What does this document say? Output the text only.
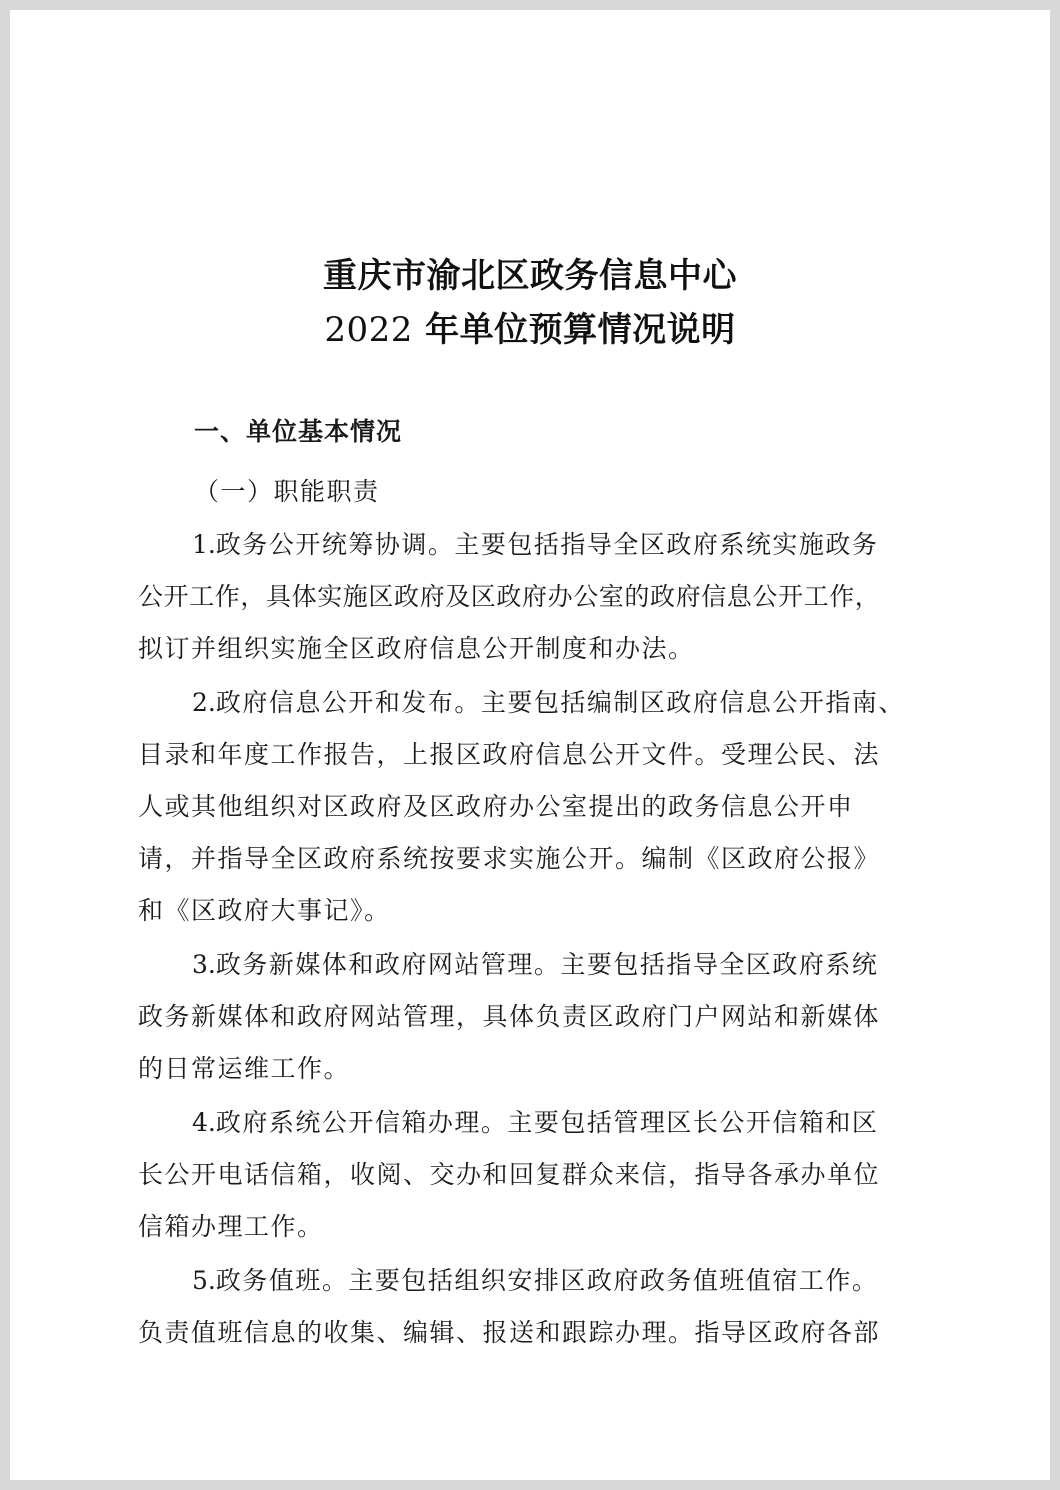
重庆市渝北区政务信息中心
2022 年单位预算情况说明
一、单位基本情况
（一）职能职责
1.政务公开统筹协调。主要包括指导全区政府系统实施政务
公开工作，具体实施区政府及区政府办公室的政府信息公开工作，
拟订并组织实施全区政府信息公开制度和办法。
2.政府信息公开和发布。主要包括编制区政府信息公开指南、
目录和年度工作报告，上报区政府信息公开文件。受理公民、法
人或其他组织对区政府及区政府办公室提出的政务信息公开申
请，并指导全区政府系统按要求实施公开。编制《区政府公报》
和《区政府大事记》。
3.政务新媒体和政府网站管理。主要包括指导全区政府系统
政务新媒体和政府网站管理，具体负责区政府门户网站和新媒体
的日常运维工作。
4.政府系统公开信箱办理。主要包括管理区长公开信箱和区
长公开电话信箱，收阅、交办和回复群众来信，指导各承办单位
信箱办理工作。
5.政务值班。主要包括组织安排区政府政务值班值宿工作。
负责值班信息的收集、编辑、报送和跟踪办理。指导区政府各部
